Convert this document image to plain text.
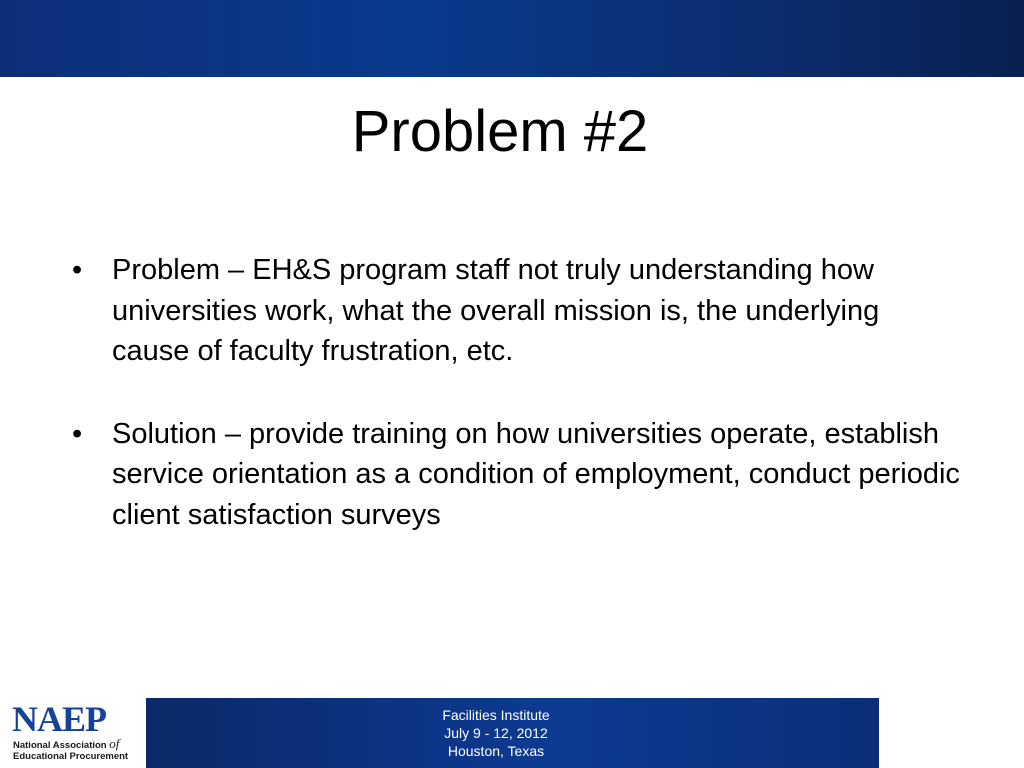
Problem #2
• Problem – EH&S program staff not truly understanding how universities work, what the overall mission is, the underlying cause of faculty frustration, etc.
• Solution – provide training on how universities operate, establish service orientation as a condition of employment, conduct periodic client satisfaction surveys
NAEP
National Association of
Educational Procurement
Facilities Institute
July 9 - 12, 2012
Houston, Texas
